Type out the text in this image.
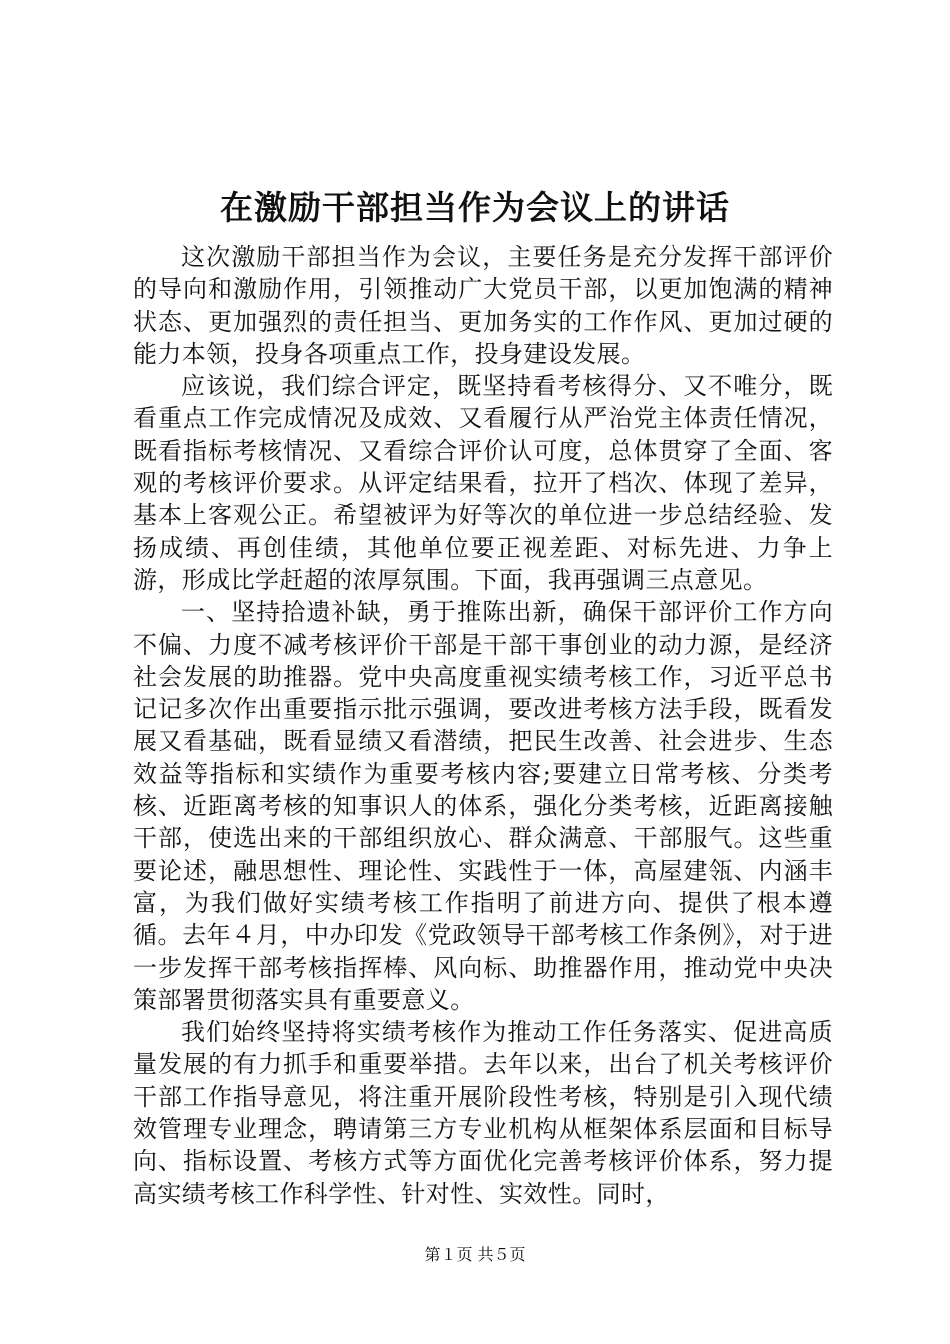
在激励干部担当作为会议上的讲话

这次激励干部担当作为会议，主要任务是充分发挥干部评价的导向和激励作用，引领推动广大党员干部，以更加饱满的精神状态、更加强烈的责任担当、更加务实的工作作风、更加过硬的能力本领，投身各项重点工作，投身建设发展。

应该说，我们综合评定，既坚持看考核得分、又不唯分，既看重点工作完成情况及成效、又看履行从严治党主体责任情况，既看指标考核情况、又看综合评价认可度，总体贯穿了全面、客观的考核评价要求。从评定结果看，拉开了档次、体现了差异，基本上客观公正。希望被评为好等次的单位进一步总结经验、发扬成绩、再创佳绩，其他单位要正视差距、对标先进、力争上游，形成比学赶超的浓厚氛围。下面，我再强调三点意见。

一、坚持拾遗补缺，勇于推陈出新，确保干部评价工作方向不偏、力度不减考核评价干部是干部干事创业的动力源，是经济社会发展的助推器。党中央高度重视实绩考核工作，习近平总书记记多次作出重要指示批示强调，要改进考核方法手段，既看发展又看基础，既看显绩又看潜绩，把民生改善、社会进步、生态效益等指标和实绩作为重要考核内容;要建立日常考核、分类考核、近距离考核的知事识人的体系，强化分类考核，近距离接触干部，使选出来的干部组织放心、群众满意、干部服气。这些重要论述，融思想性、理论性、实践性于一体，高屋建瓴、内涵丰富，为我们做好实绩考核工作指明了前进方向、提供了根本遵循。去年４月，中办印发《党政领导干部考核工作条例》，对于进一步发挥干部考核指挥棒、风向标、助推器作用，推动党中央决策部署贯彻落实具有重要意义。

我们始终坚持将实绩考核作为推动工作任务落实、促进高质量发展的有力抓手和重要举措。去年以来，出台了机关考核评价干部工作指导意见，将注重开展阶段性考核，特别是引入现代绩效管理专业理念，聘请第三方专业机构从框架体系层面和目标导向、指标设置、考核方式等方面优化完善考核评价体系，努力提高实绩考核工作科学性、针对性、实效性。同时，

第１页 共５页
